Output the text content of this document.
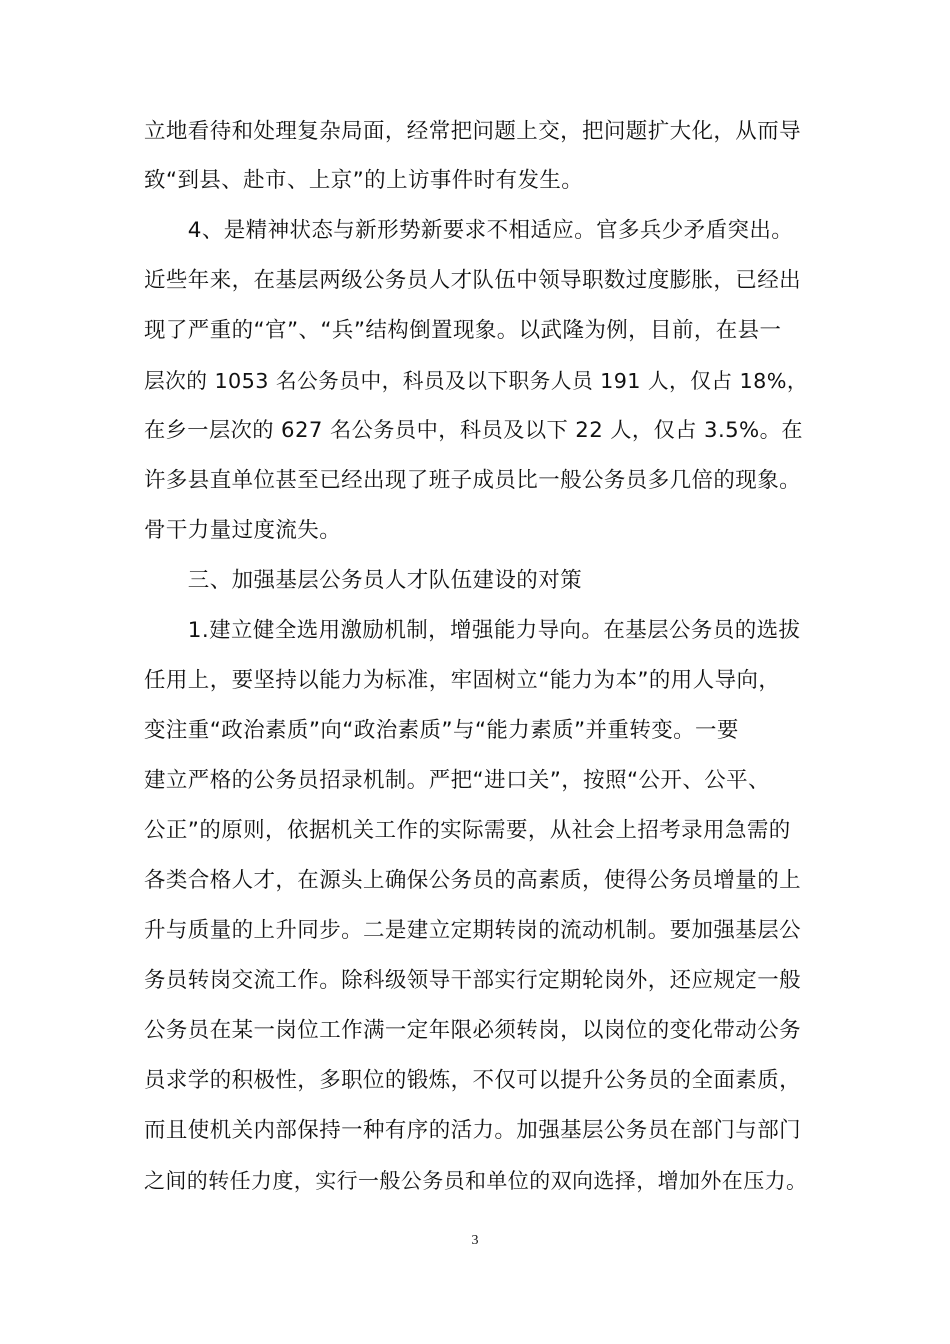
立地看待和处理复杂局面，经常把问题上交，把问题扩大化，从而导
致“到县、赴市、上京”的上访事件时有发生。
　　4、是精神状态与新形势新要求不相适应。官多兵少矛盾突出。
近些年来，在基层两级公务员人才队伍中领导职数过度膨胀，已经出
现了严重的“官”、“兵”结构倒置现象。以武隆为例，目前，在县一
层次的 1053 名公务员中，科员及以下职务人员 191 人，仅占 18%，
在乡一层次的 627 名公务员中，科员及以下 22 人，仅占 3.5%。在
许多县直单位甚至已经出现了班子成员比一般公务员多几倍的现象。
骨干力量过度流失。
　　三、加强基层公务员人才队伍建设的对策
　　1.建立健全选用激励机制，增强能力导向。在基层公务员的选拔
任用上，要坚持以能力为标准，牢固树立“能力为本”的用人导向，
变注重“政治素质”向“政治素质”与“能力素质”并重转变。一要
建立严格的公务员招录机制。严把“进口关”，按照“公开、公平、
公正”的原则，依据机关工作的实际需要，从社会上招考录用急需的
各类合格人才，在源头上确保公务员的高素质，使得公务员增量的上
升与质量的上升同步。二是建立定期转岗的流动机制。要加强基层公
务员转岗交流工作。除科级领导干部实行定期轮岗外，还应规定一般
公务员在某一岗位工作满一定年限必须转岗，以岗位的变化带动公务
员求学的积极性，多职位的锻炼，不仅可以提升公务员的全面素质，
而且使机关内部保持一种有序的活力。加强基层公务员在部门与部门
之间的转任力度，实行一般公务员和单位的双向选择，增加外在压力。
3
